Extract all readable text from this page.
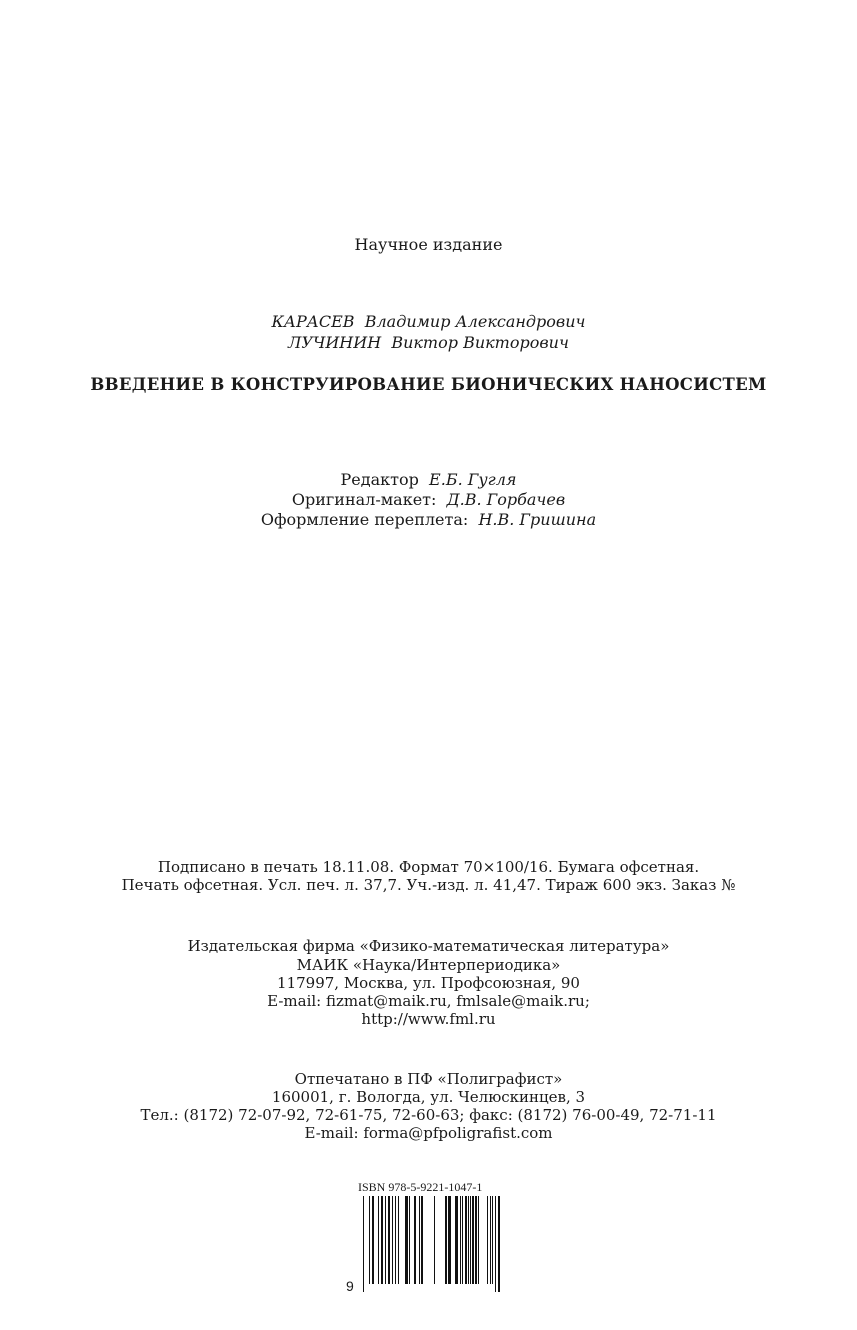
Научное издание
КАРАСЕВ Владимир Александрович
ЛУЧИНИН Виктор Викторович
ВВЕДЕНИЕ В КОНСТРУИРОВАНИЕ БИОНИЧЕСКИХ НАНОСИСТЕМ
Редактор Е.Б. Гугля
Оригинал-макет: Д.В. Горбачев
Оформление переплета: Н.В. Гришина
Подписано в печать 18.11.08. Формат 70×100/16. Бумага офсетная.
Печать офсетная. Усл. печ. л. 37,7. Уч.-изд. л. 41,47. Тираж 600 экз. Заказ №
Издательская фирма «Физико-математическая литература»
МАИК «Наука/Интерпериодика»
117997, Москва, ул. Профсоюзная, 90
E-mail: fizmat@maik.ru, fmlsale@maik.ru;
http://www.fml.ru
Отпечатано в ПФ «Полиграфист»
160001, г. Вологда, ул. Челюскинцев, 3
Тел.: (8172) 72-07-92, 72-61-75, 72-60-63; факс: (8172) 76-00-49, 72-71-11
E-mail: forma@pfpoligrafist.com
ISBN 978-5-9221-1047-1
9
